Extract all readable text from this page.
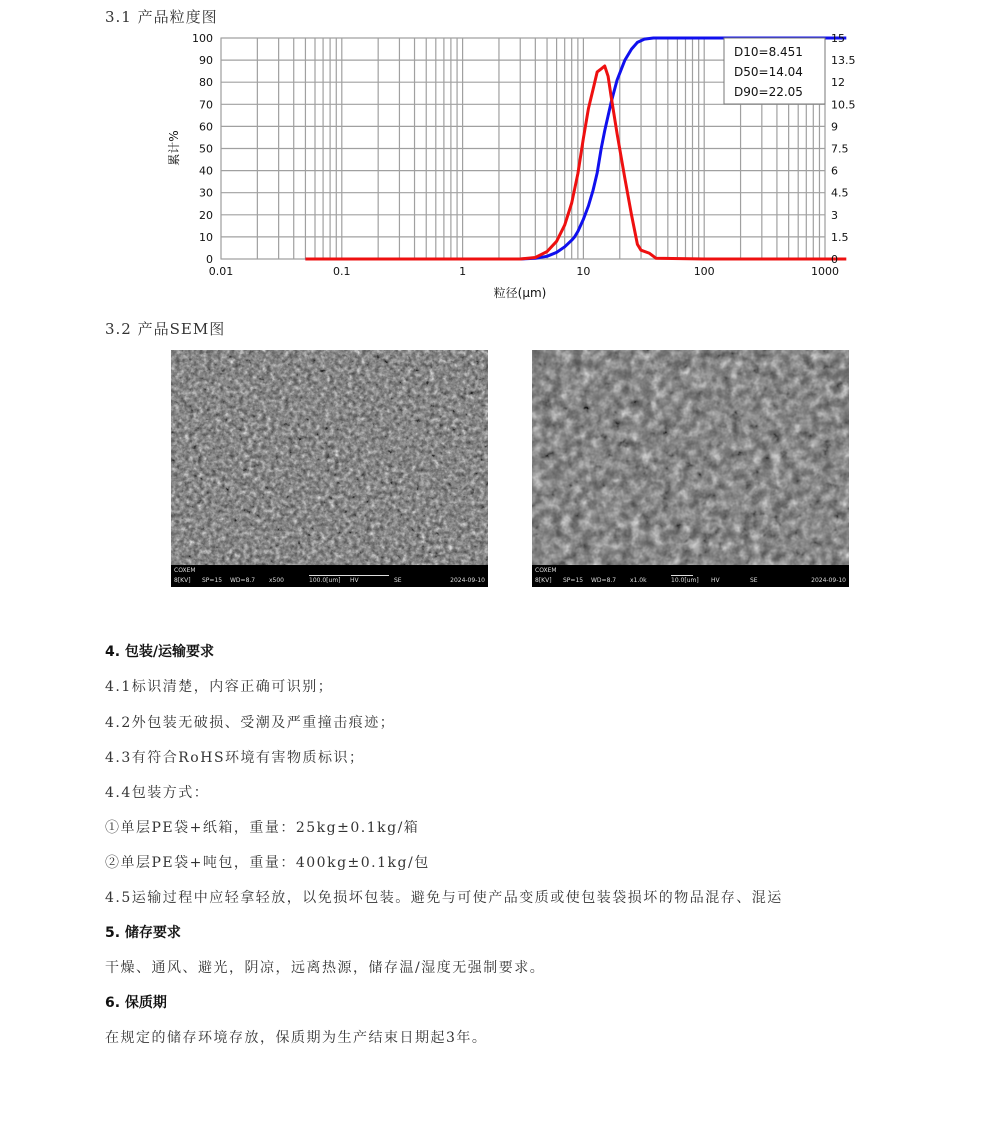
3.1 产品粒度图
0
10
20
30
40
50
60
70
80
90
100
0
1.5
3
4.5
6
7.5
9
10.5
12
13.5
15
0.01	0.1	1	10	100	1000
D10=8.451
D50=14.04
D90=22.05
粒径(μm)
累计%
3.2 产品SEM图
COXEM
8[KV] SP=15 WD=8.7 x500	100.0[um] HV	SE	2024-09-10
COXEM
8[KV] SP=15 WD=8.7 x1.0k	10.0[um] HV	SE	2024-09-10
4. 包装/运输要求
4.1标识清楚，内容正确可识别；
4.2外包装无破损、受潮及严重撞击痕迹；
4.3有符合RoHS环境有害物质标识；
4.4包装方式：
①单层PE袋+纸箱，重量：25kg±0.1kg/箱
②单层PE袋+吨包，重量：400kg±0.1kg/包
4.5运输过程中应轻拿轻放，以免损坏包装。避免与可使产品变质或使包装袋损坏的物品混存、混运
5. 储存要求
干燥、通风、避光，阴凉，远离热源，储存温/湿度无强制要求。
6. 保质期
在规定的储存环境存放，保质期为生产结束日期起3年。
